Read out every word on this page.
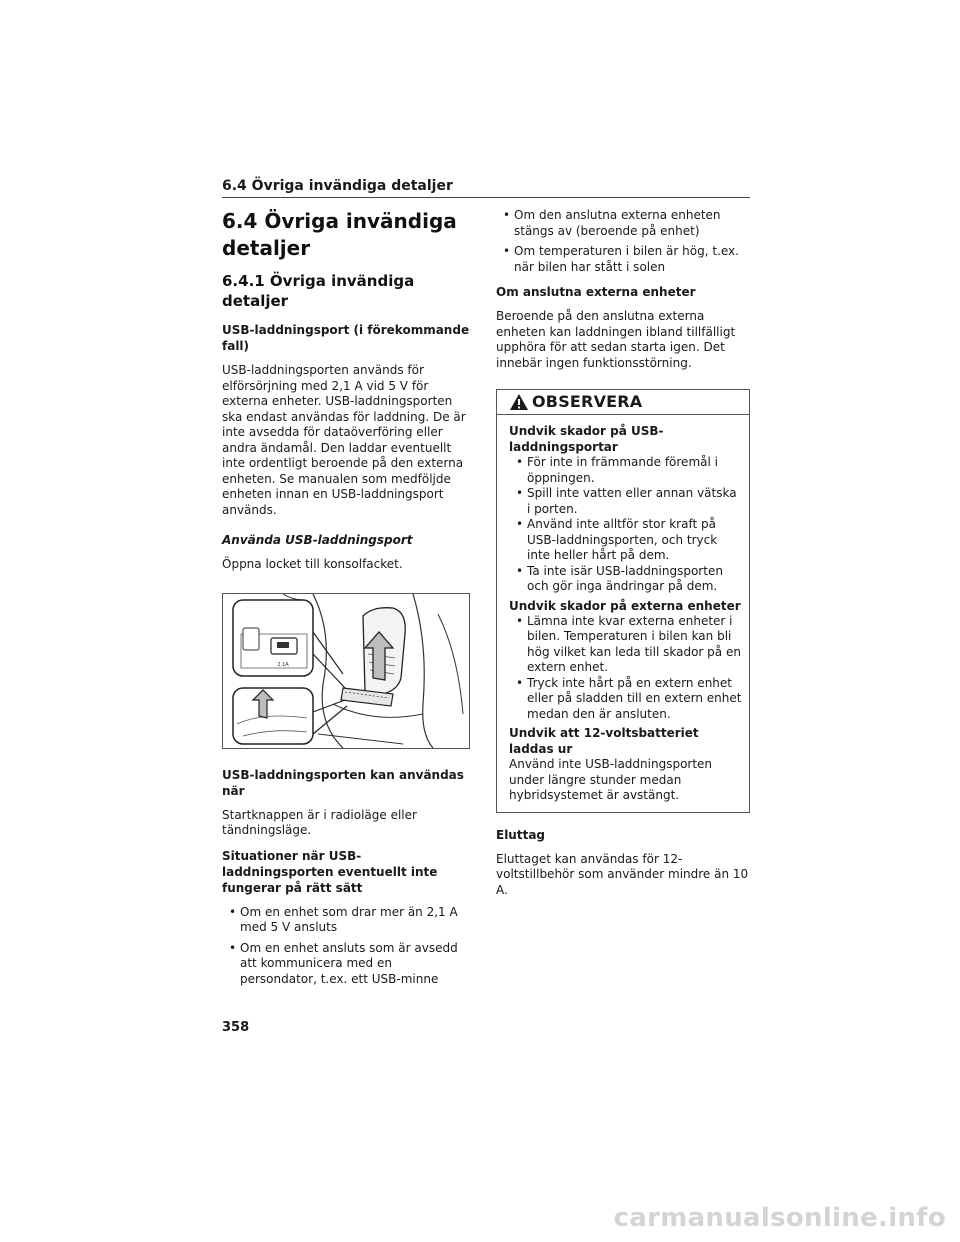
6.4 Övriga invändiga detaljer
6.4 Övriga invändiga detaljer
6.4.1 Övriga invändiga detaljer
USB-laddningsport (i förekommande fall)

USB-laddningsporten används för elförsörjning med 2,1 A vid 5 V för externa enheter. USB-laddningsporten ska endast användas för laddning. De är inte avsedda för dataöverföring eller andra ändamål. Den laddar eventuellt inte ordentligt beroende på den externa enheten. Se manualen som medföljde enheten innan en USB-laddningsport används.

Använda USB-laddningsport

Öppna locket till konsolfacket.

2.1A
USB-laddningsporten kan användas när

Startknappen är i radioläge eller tändningsläge.

Situationer när USB-laddningsporten eventuellt inte fungerar på rätt sätt
• Om en enhet som drar mer än 2,1 A med 5 V ansluts
• Om en enhet ansluts som är avsedd att kommunicera med en persondator, t.ex. ett USB-minne
• Om den anslutna externa enheten stängs av (beroende på enhet)
• Om temperaturen i bilen är hög, t.ex. när bilen har stått i solen
Om anslutna externa enheter

Beroende på den anslutna externa enheten kan laddningen ibland tillfälligt upphöra för att sedan starta igen. Det innebär ingen funktionsstörning.

OBSERVERA
Undvik skador på USB-laddningsportar
• För inte in främmande föremål i öppningen.
• Spill inte vatten eller annan vätska i porten.
• Använd inte alltför stor kraft på USB-laddningsporten, och tryck inte heller hårt på dem.
• Ta inte isär USB-laddningsporten och gör inga ändringar på dem.
Undvik skador på externa enheter
• Lämna inte kvar externa enheter i bilen. Temperaturen i bilen kan bli hög vilket kan leda till skador på en extern enhet.
• Tryck inte hårt på en extern enhet eller på sladden till en extern enhet medan den är ansluten.
Undvik att 12-voltsbatteriet laddas ur

Använd inte USB-laddningsporten under längre stunder medan hybridsystemet är avstängt.

Eluttag

Eluttaget kan användas för 12-voltstillbehör som använder mindre än 10 A.

358
carmanualsonline.info
